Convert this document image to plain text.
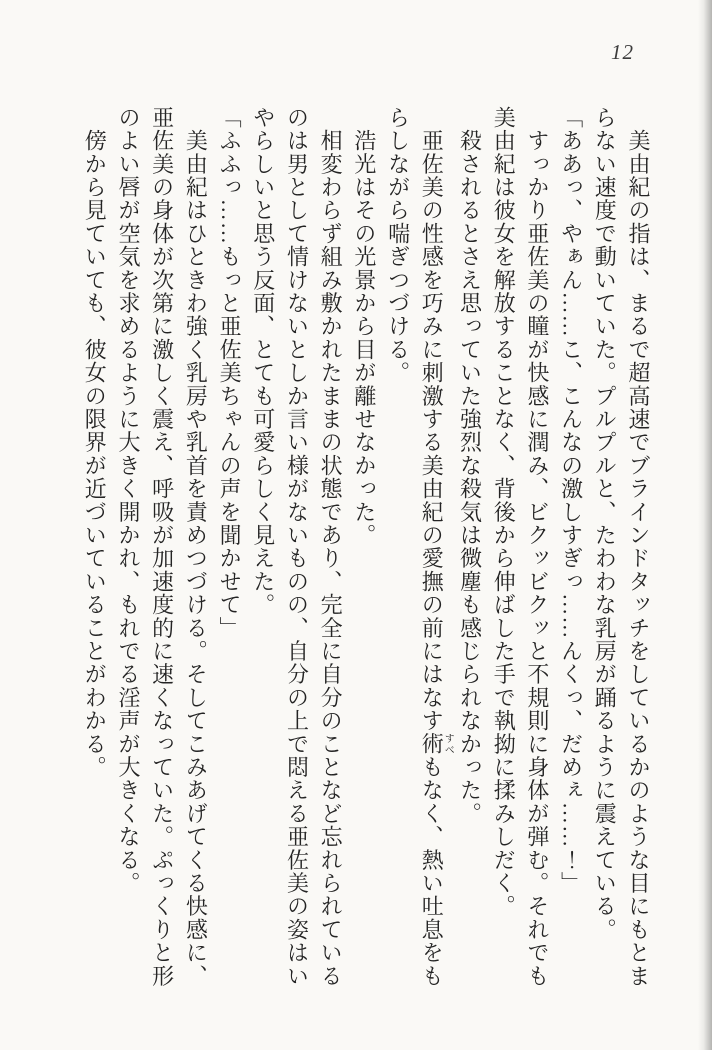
12

　美由紀の指は、まるで超高速でブラインドタッチをしているかのような目にもとまらない速度で動いていた。プルプルと、たわわな乳房が踊るように震えている。

「ああっ、やぁん……こ、こんなの激しすぎっ……んくっ、だめぇ……！」

　すっかり亜佐美の瞳が快感に潤み、ビクッビクッと不規則に身体が弾む。それでも美由紀は彼女を解放することなく、背後から伸ばした手で執拗に揉みしだく。

　殺されるとさえ思っていた強烈な殺気は微塵も感じられなかった。

　亜佐美の性感を巧みに刺激する美由紀の愛撫の前にはなす術すべもなく、熱い吐息をもらしながら喘ぎつづける。

　浩光はその光景から目が離せなかった。

　相変わらず組み敷かれたままの状態であり、完全に自分のことなど忘れられているのは男として情けないとしか言い様がないものの、自分の上で悶える亜佐美の姿はいやらしいと思う反面、とても可愛らしく見えた。

「ふふっ……もっと亜佐美ちゃんの声を聞かせて」

　美由紀はひときわ強く乳房や乳首を責めつづける。そしてこみあげてくる快感に、亜佐美の身体が次第に激しく震え、呼吸が加速度的に速くなっていた。ぷっくりと形のよい唇が空気を求めるように大きく開かれ、もれでる淫声が大きくなる。

　傍から見ていても、彼女の限界が近づいていることがわかる。
